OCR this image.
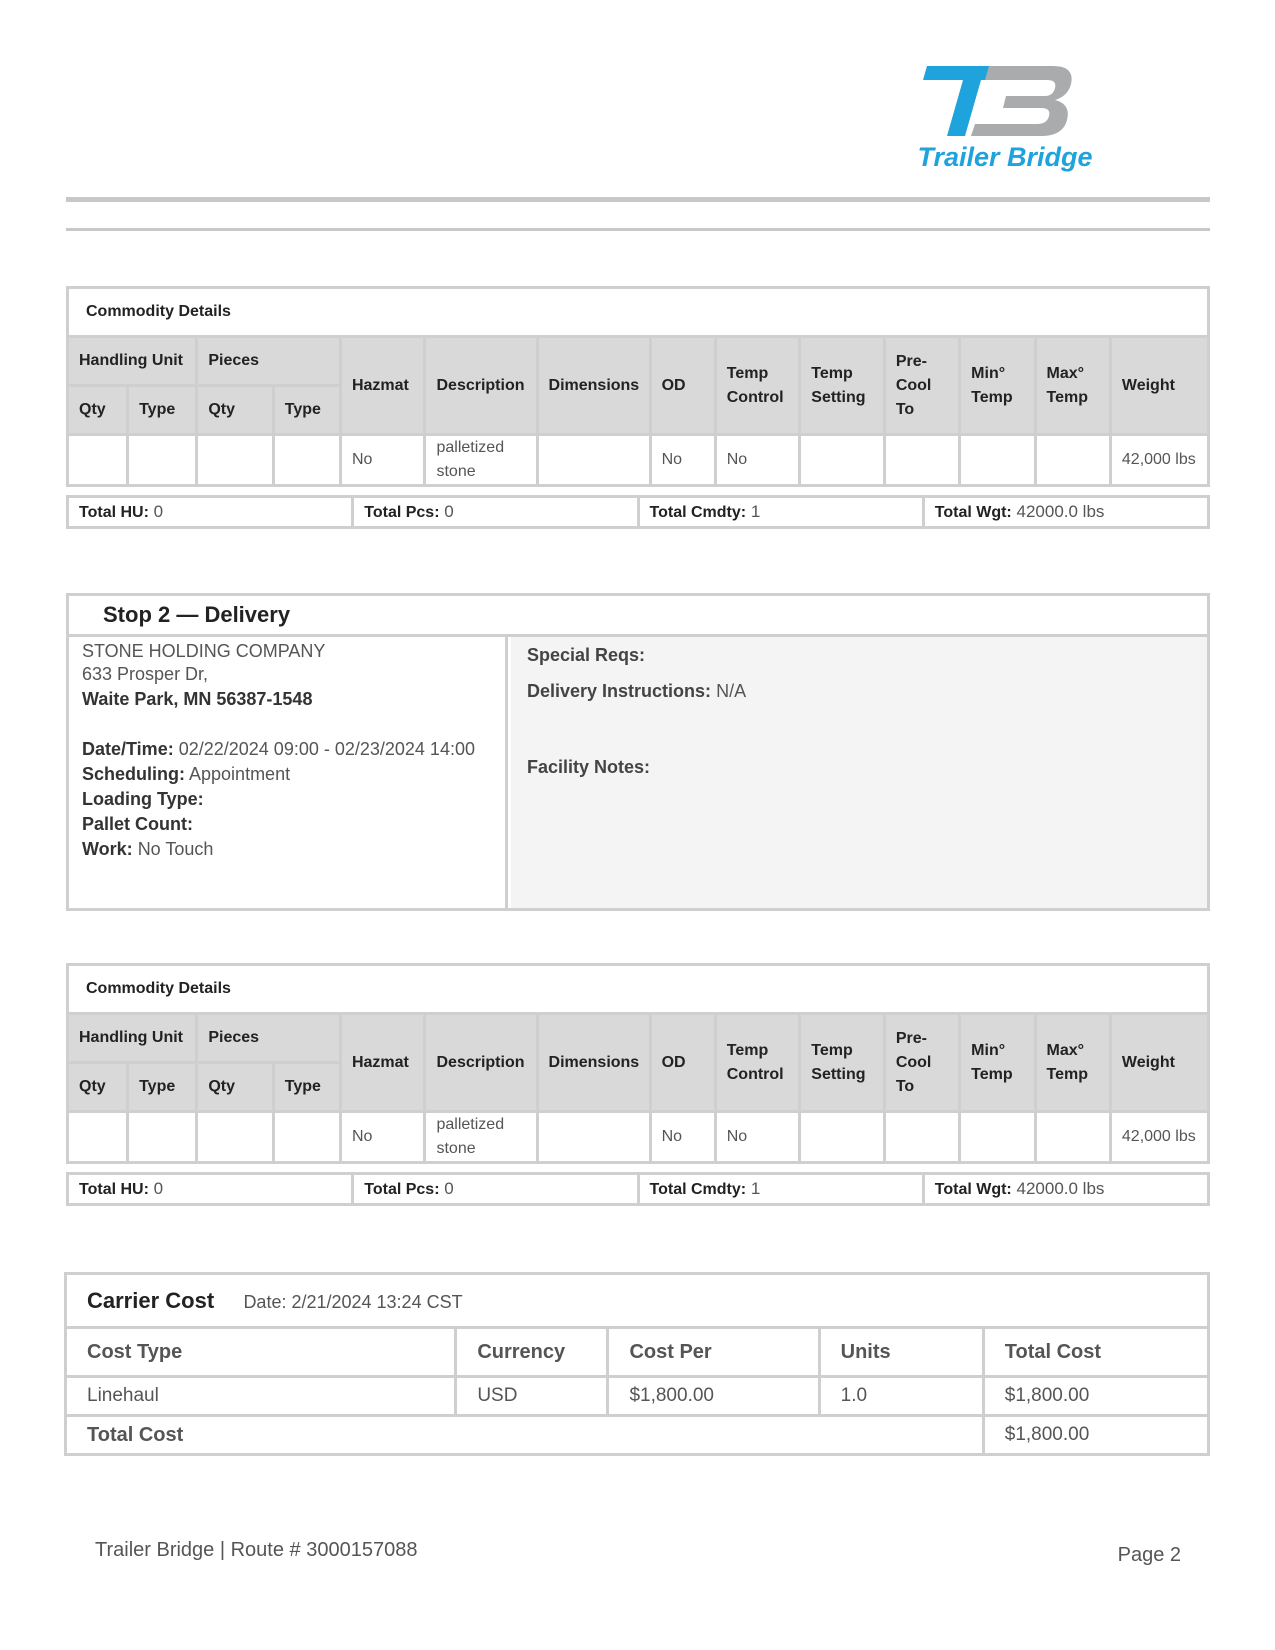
Trailer Bridge
Commodity Details													
Handling Unit		Pieces		Hazmat	Description	Dimensions	OD	Temp Control	Temp Setting	Pre-Cool To	Min° Temp	Max° Temp	Weight
Qty	Type	Qty	Type										
				No	palletized stone		No	No					42,000 lbs
Total HU: 0	Total Pcs: 0	Total Cmdty: 1	Total Wgt: 42000.0 lbs
Stop 2 — Delivery
STONE HOLDING COMPANY
633 Prosper Dr,
Waite Park, MN 56387-1548
Date/Time: 02/22/2024 09:00 - 02/23/2024 14:00
Scheduling: Appointment
Loading Type:
Pallet Count:
Work: No Touch
Special Reqs:
Delivery Instructions: N/A
Facility Notes:
Commodity Details													
Handling Unit		Pieces		Hazmat	Description	Dimensions	OD	Temp Control	Temp Setting	Pre-Cool To	Min° Temp	Max° Temp	Weight
Qty	Type	Qty	Type										
				No	palletized stone		No	No					42,000 lbs
Total HU: 0	Total Pcs: 0	Total Cmdty: 1	Total Wgt: 42000.0 lbs
Carrier Cost Date: 2/21/2024 13:24 CST				
Cost Type	Currency	Cost Per	Units	Total Cost
Linehaul	USD	$1,800.00	1.0	$1,800.00
Total Cost				$1,800.00
Trailer Bridge | Route # 3000157088	Page 2
